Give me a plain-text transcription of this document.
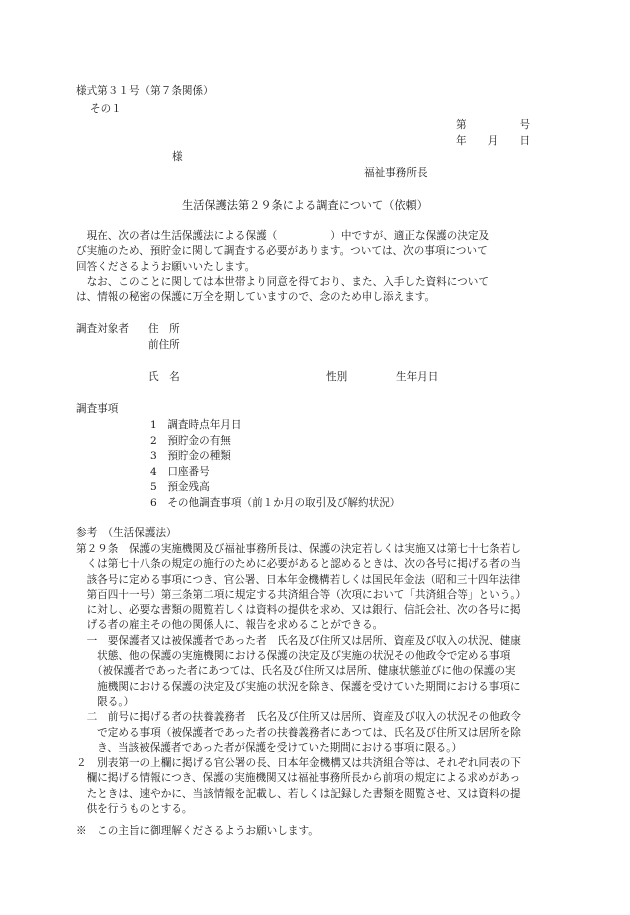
様式第３１号（第７条関係）
その１
第　　　　　号
年　　月　　日
様
福祉事務所長
生活保護法第２９条による調査について（依頼）
　現在、次の者は生活保護法による保護（　　　　　）中ですが、適正な保護の決定及
び実施のため、預貯金に関して調査する必要があります。ついては、次の事項について
回答くださるようお願いいたします。
　なお、このことに関しては本世帯より同意を得ており、また、入手した資料について
は、情報の秘密の保護に万全を期していますので、念のため申し添えます。
調査対象者 住　所
前住所
氏　名	性別	生年月日
調査事項
1　調査時点年月日
2　預貯金の有無
3　預貯金の種類
4　口座番号
5　預金残高
6　その他調査事項（前１か月の取引及び解約状況）
参考　（生活保護法）
第２９条　保護の実施機関及び福祉事務所長は、保護の決定若しくは実施又は第七十七条若し
　くは第七十八条の規定の施行のために必要があると認めるときは、次の各号に掲げる者の当
　該各号に定める事項につき、官公署、日本年金機構若しくは国民年金法（昭和三十四年法律
　第百四十一号）第三条第二項に規定する共済組合等（次項において「共済組合等」という。）
　に対し、必要な書類の閲覧若しくは資料の提供を求め、又は銀行、信託会社、次の各号に掲
　げる者の雇主その他の関係人に、報告を求めることができる。
　一　要保護者又は被保護者であった者　氏名及び住所又は居所、資産及び収入の状況、健康
　　状態、他の保護の実施機関における保護の決定及び実施の状況その他政令で定める事項
　　（被保護者であった者にあつては、氏名及び住所又は居所、健康状態並びに他の保護の実
　　施機関における保護の決定及び実施の状況を除き、保護を受けていた期間における事項に
　　限る。）
　二　前号に掲げる者の扶養義務者　氏名及び住所又は居所、資産及び収入の状況その他政令
　　で定める事項（被保護者であった者の扶養義務者にあつては、氏名及び住所又は居所を除
　　き、当該被保護者であった者が保護を受けていた期間における事項に限る。）
２　別表第一の上欄に掲げる官公署の長、日本年金機構又は共済組合等は、それぞれ同表の下
　欄に掲げる情報につき、保護の実施機関又は福祉事務所長から前項の規定による求めがあっ
　たときは、速やかに、当該情報を記載し、若しくは記録した書類を閲覧させ、又は資料の提
　供を行うものとする。
※　この主旨に御理解くださるようお願いします。
